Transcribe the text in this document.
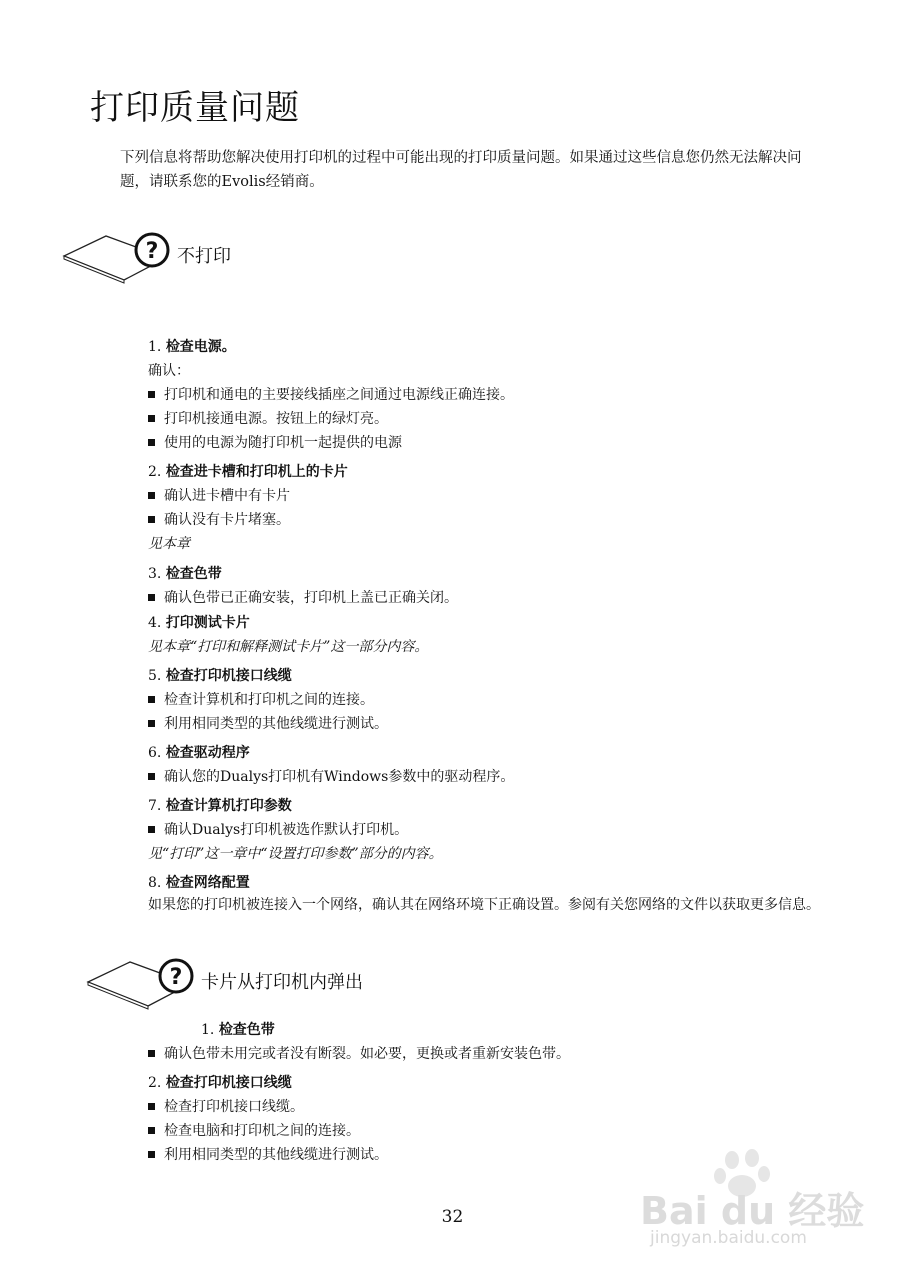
打印质量问题
下列信息将帮助您解决使用打印机的过程中可能出现的打印质量问题。如果通过这些信息您仍然无法解决问题，请联系您的Evolis经销商。
? 不打印
1. 检查电源。
确认：
打印机和通电的主要接线插座之间通过电源线正确连接。
打印机接通电源。按钮上的绿灯亮。
使用的电源为随打印机一起提供的电源
2. 检查进卡槽和打印机上的卡片
确认进卡槽中有卡片
确认没有卡片堵塞。
见本章
3. 检查色带
确认色带已正确安装，打印机上盖已正确关闭。
4. 打印测试卡片
见本章“打印和解释测试卡片”这一部分内容。
5. 检查打印机接口线缆
检查计算机和打印机之间的连接。
利用相同类型的其他线缆进行测试。
6. 检查驱动程序
确认您的Dualys打印机有Windows参数中的驱动程序。
7. 检查计算机打印参数
确认Dualys打印机被选作默认打印机。
见“打印”这一章中“设置打印参数”部分的内容。
8. 检查网络配置
如果您的打印机被连接入一个网络，确认其在网络环境下正确设置。参阅有关您网络的文件以获取更多信息。
? 卡片从打印机内弹出
1. 检查色带
确认色带未用完或者没有断裂。如必要，更换或者重新安装色带。
2. 检查打印机接口线缆
检查打印机接口线缆。
检查电脑和打印机之间的连接。
利用相同类型的其他线缆进行测试。
32	Bai du 经验
jingyan.baidu.com
